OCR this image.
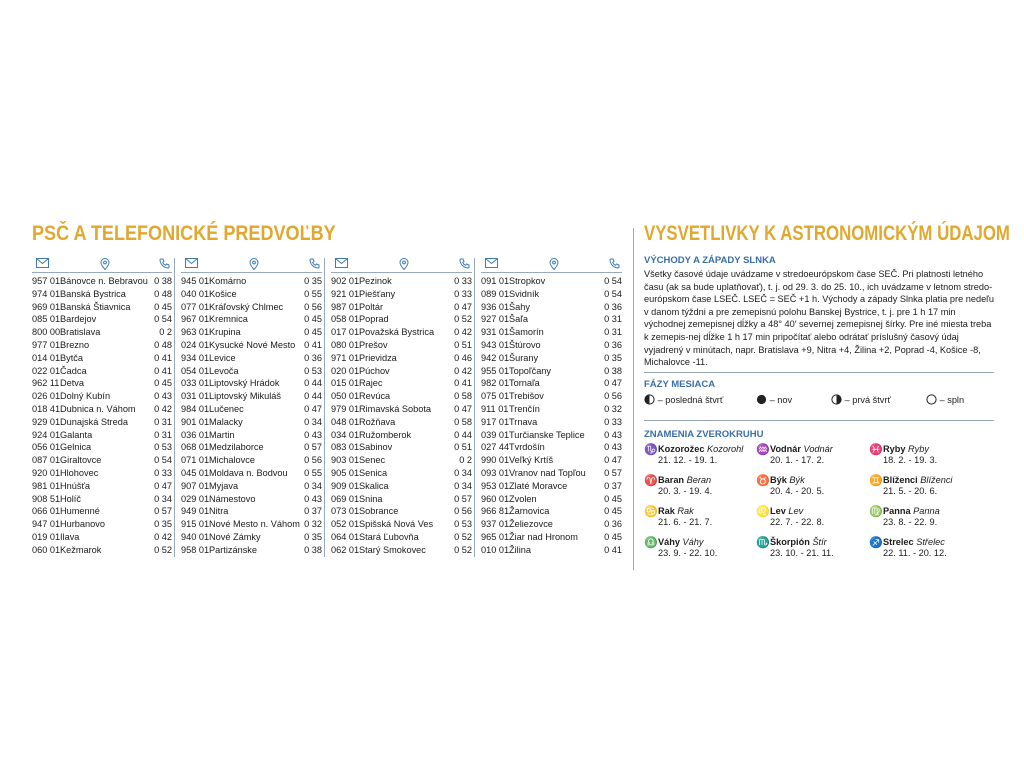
PSČ A TELEFONICKÉ PREDVOĽBY
957 01 Bánovce n. Bebravou 0 38
974 01 Banská Bystrica	0 48
969 01 Banská Štiavnica	0 45
085 01 Bardejov	0 54
800 00 Bratislava	0 2
977 01 Brezno	0 48
014 01 Bytča	0 41
022 01 Čadca	0 41
962 11 Detva	0 45
026 01 Dolný Kubín	0 43
018 41 Dubnica n. Váhom	0 42
929 01 Dunajská Streda	0 31
924 01 Galanta	0 31
056 01 Gelnica	0 53
087 01 Giraltovce	0 54
920 01 Hlohovec	0 33
981 01 Hnúšťa	0 47
908 51 Holíč	0 34
066 01 Humenné	0 57
947 01 Hurbanovo	0 35
019 01 Ilava	0 42
060 01 Kežmarok	0 52
945 01 Komárno	0 35
040 01 Košice	0 55
077 01 Kráľovský Chlmec	0 56
967 01 Kremnica	0 45
963 01 Krupina	0 45
024 01 Kysucké Nové Mesto 0 41
934 01 Levice	0 36
054 01 Levoča	0 53
033 01 Liptovský Hrádok	0 44
031 01 Liptovský Mikuláš	0 44
984 01 Lučenec	0 47
901 01 Malacky	0 34
036 01 Martin	0 43
068 01 Medzilaborce	0 57
071 01 Michalovce	0 56
045 01 Moldava n. Bodvou	0 55
907 01 Myjava	0 34
029 01 Námestovo	0 43
949 01 Nitra	0 37
915 01 Nové Mesto n. Váhom 0 32
940 01 Nové Zámky	0 35
958 01 Partizánske	0 38
902 01 Pezinok	0 33
921 01 Piešťany	0 33
987 01 Poltár	0 47
058 01 Poprad	0 52
017 01 Považská Bystrica	0 42
080 01 Prešov	0 51
971 01 Prievidza	0 46
020 01 Púchov	0 42
015 01 Rajec	0 41
050 01 Revúca	0 58
979 01 Rimavská Sobota	0 47
048 01 Rožňava	0 58
034 01 Ružomberok	0 44
083 01 Sabinov	0 51
903 01 Senec	0 2
905 01 Senica	0 34
909 01 Skalica	0 34
069 01 Snina	0 57
073 01 Sobrance	0 56
052 01 Spišská Nová Ves	0 53
064 01 Stará Ľubovňa	0 52
062 01 Starý Smokovec	0 52
091 01 Stropkov	0 54
089 01 Svidník	0 54
936 01 Šahy	0 36
927 01 Šaľa	0 31
931 01 Šamorín	0 31
943 01 Štúrovo	0 36
942 01 Šurany	0 35
955 01 Topoľčany	0 38
982 01 Tornaľa	0 47
075 01 Trebišov	0 56
911 01 Trenčín	0 32
917 01 Trnava	0 33
039 01 Turčianske Teplice	0 43
027 44 Tvrdošín	0 43
990 01 Veľký Krtíš	0 47
093 01 Vranov nad Topľou	0 57
953 01 Zlaté Moravce	0 37
960 01 Zvolen	0 45
966 81 Žarnovica	0 45
937 01 Želiezovce	0 36
965 01 Žiar nad Hronom	0 45
010 01 Žilina	0 41
VYSVETLIVKY K ASTRONOMICKÝM ÚDAJOM
VÝCHODY A ZÁPADY SLNKA
Všetky časové údaje uvádzame v stredoeurópskom čase SEČ. Pri platnosti letného času (ak sa bude uplatňovať), t. j. od 29. 3. do 25. 10., ich uvádzame v letnom stredo-európskom čase LSEČ. LSEČ = SEČ +1 h. Východy a západy Slnka platia pre nedeľu v danom týždni a pre zemepisnú polohu Banskej Bystrice, t. j. pre 1 h 17 min východnej zemepisnej dĺžky a 48° 40′ severnej zemepisnej šírky. Pre iné miesta treba k zemepis-nej dĺžke 1 h 17 min pripočítať alebo odrátať príslušný časový údaj vyjadrený v minútach, napr. Bratislava +9, Nitra +4, Žilina +2, Poprad -4, Košice -8, Michalovce -11.
FÁZY MESIACA
– posledná štvrť	– nov	– prvá štvrť	– spln
ZNAMENIA ZVEROKRUHU
♑ Kozorožec Kozorohl
21. 12. - 19. 1.
♒ Vodnár Vodnár
20. 1. - 17. 2.
♓ Ryby Ryby
18. 2. - 19. 3.
♈ Baran Beran
20. 3. - 19. 4.
♉ Býk Býk
20. 4. - 20. 5.
♊ Blíženci Blíženci
21. 5. - 20. 6.
♋ Rak Rak
21. 6. - 21. 7.
♌ Lev Lev
22. 7. - 22. 8.
♍ Panna Panna
23. 8. - 22. 9.
♎ Váhy Váhy
23. 9. - 22. 10.
♏ Škorpión Štír
23. 10. - 21. 11.
♐ Strelec Střelec
22. 11. - 20. 12.
